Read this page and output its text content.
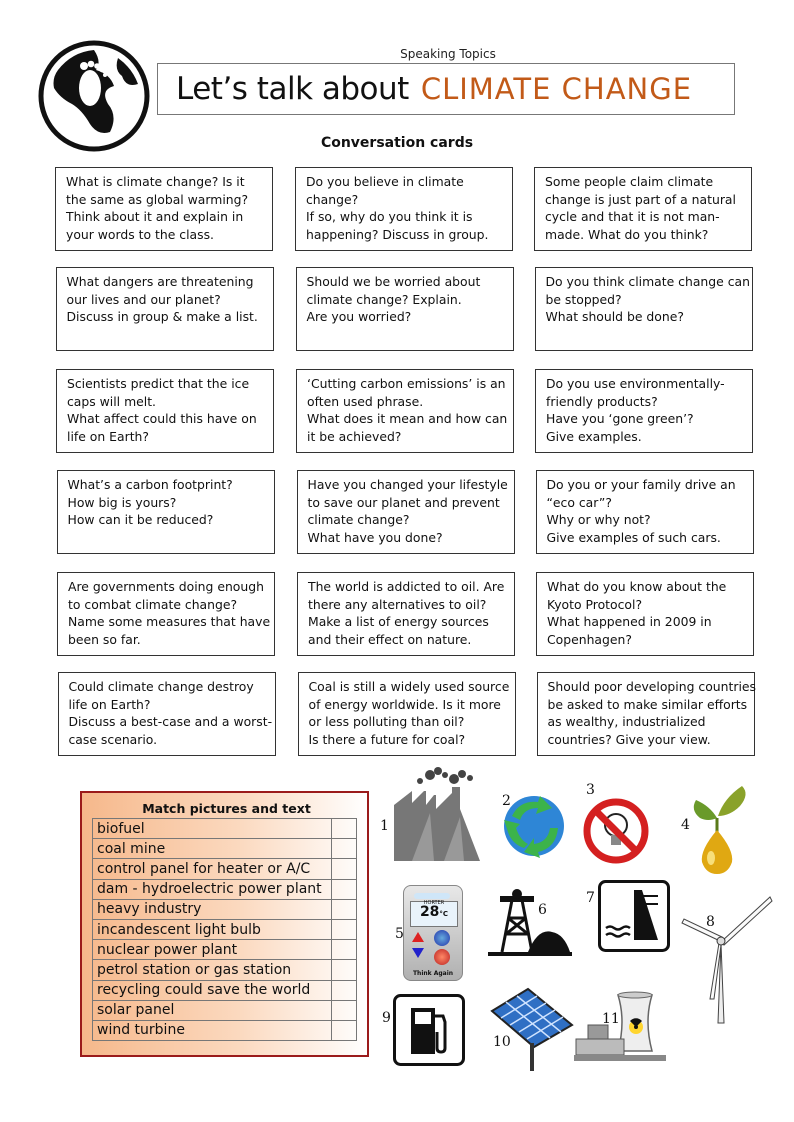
Speaking Topics
Let’s talk about CLIMATE CHANGE
Conversation cards
What is climate change? Is it
the same as global warming?
Think about it and explain in
your words to the class.
Do you believe in climate
change?
If so, why do you think it is
happening? Discuss in group.
Some people claim climate
change is just part of a natural
cycle and that it is not man-
made. What do you think?
What dangers are threatening
our lives and our planet?
Discuss in group & make a list.
Should we be worried about
climate change? Explain.
Are you worried?
Do you think climate change can
be stopped?
What should be done?
Scientists predict that the ice
caps will melt.
What affect could this have on
life on Earth?
‘Cutting carbon emissions’ is an
often used phrase.
What does it mean and how can
it be achieved?
Do you use environmentally-
friendly products?
Have you ‘gone green’?
Give examples.
What’s a carbon footprint?
How big is yours?
How can it be reduced?
Have you changed your lifestyle
to save our planet and prevent
climate change?
What have you done?
Do you or your family drive an
“eco car”?
Why or why not?
Give examples of such cars.
Are governments doing enough
to combat climate change?
Name some measures that have
been so far.
The world is addicted to oil. Are
there any alternatives to oil?
Make a list of energy sources
and their effect on nature.
What do you know about the
Kyoto Protocol?
What happened in 2009 in
Copenhagen?
Could climate change destroy
life on Earth?
Discuss a best-case and a worst-
case scenario.
Coal is still a widely used source
of energy worldwide. Is it more
or less polluting than oil?
Is there a future for coal?
Should poor developing countries
be asked to make similar efforts
as wealthy, industrialized
countries? Give your view.
Match pictures and text
biofuel	
coal mine	
control panel for heater or A/C	
dam - hydroelectric power plant	
heavy industry	
incandescent light bulb	
nuclear power plant	
petrol station or gas station	
recycling could save the world	
solar panel	
wind turbine	
1
2
3
4
HORTER
28°C
Think Again
5
6
7
8
9
10
11
